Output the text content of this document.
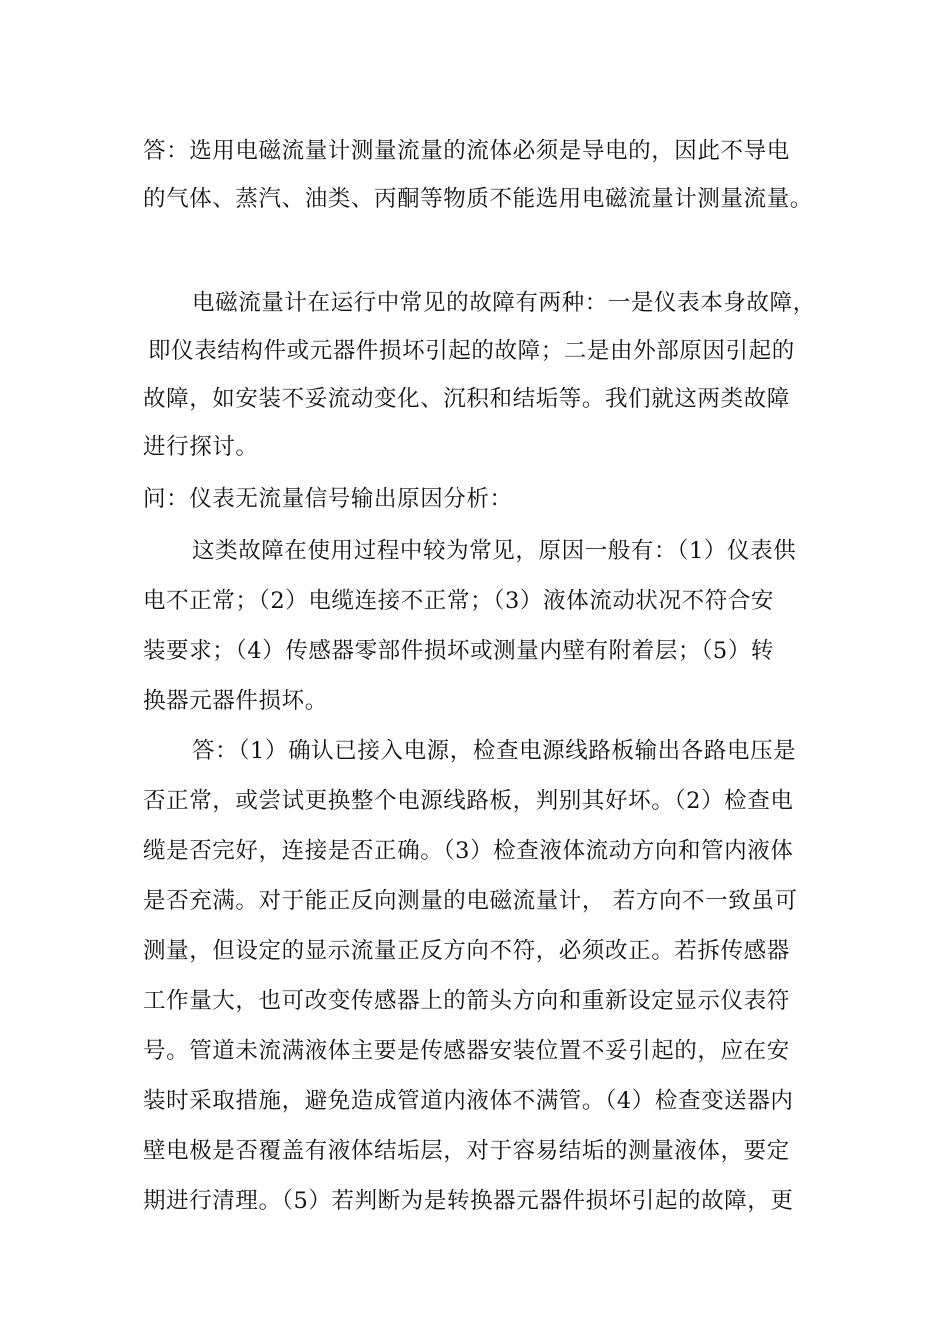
答：选用电磁流量计测量流量的流体必须是导电的，因此不导电
的气体、蒸汽、油类、丙酮等物质不能选用电磁流量计测量流量。
电磁流量计在运行中常见的故障有两种：一是仪表本身故障，
即仪表结构件或元器件损坏引起的故障；二是由外部原因引起的
故障，如安装不妥流动变化、沉积和结垢等。我们就这两类故障
进行探讨。
问：仪表无流量信号输出原因分析：
这类故障在使用过程中较为常见，原因一般有：（1）仪表供
电不正常；（2）电缆连接不正常；（3）液体流动状况不符合安
装要求；（4）传感器零部件损坏或测量内壁有附着层；（5）转
换器元器件损坏。
答：（1）确认已接入电源，检查电源线路板输出各路电压是
否正常，或尝试更换整个电源线路板，判别其好坏。（2）检查电
缆是否完好，连接是否正确。（3）检查液体流动方向和管内液体
是否充满。对于能正反向测量的电磁流量计， 若方向不一致虽可
测量，但设定的显示流量正反方向不符，必须改正。若拆传感器
工作量大，也可改变传感器上的箭头方向和重新设定显示仪表符
号。管道未流满液体主要是传感器安装位置不妥引起的，应在安
装时采取措施，避免造成管道内液体不满管。（4）检查变送器内
壁电极是否覆盖有液体结垢层，对于容易结垢的测量液体，要定
期进行清理。（5）若判断为是转换器元器件损坏引起的故障，更
